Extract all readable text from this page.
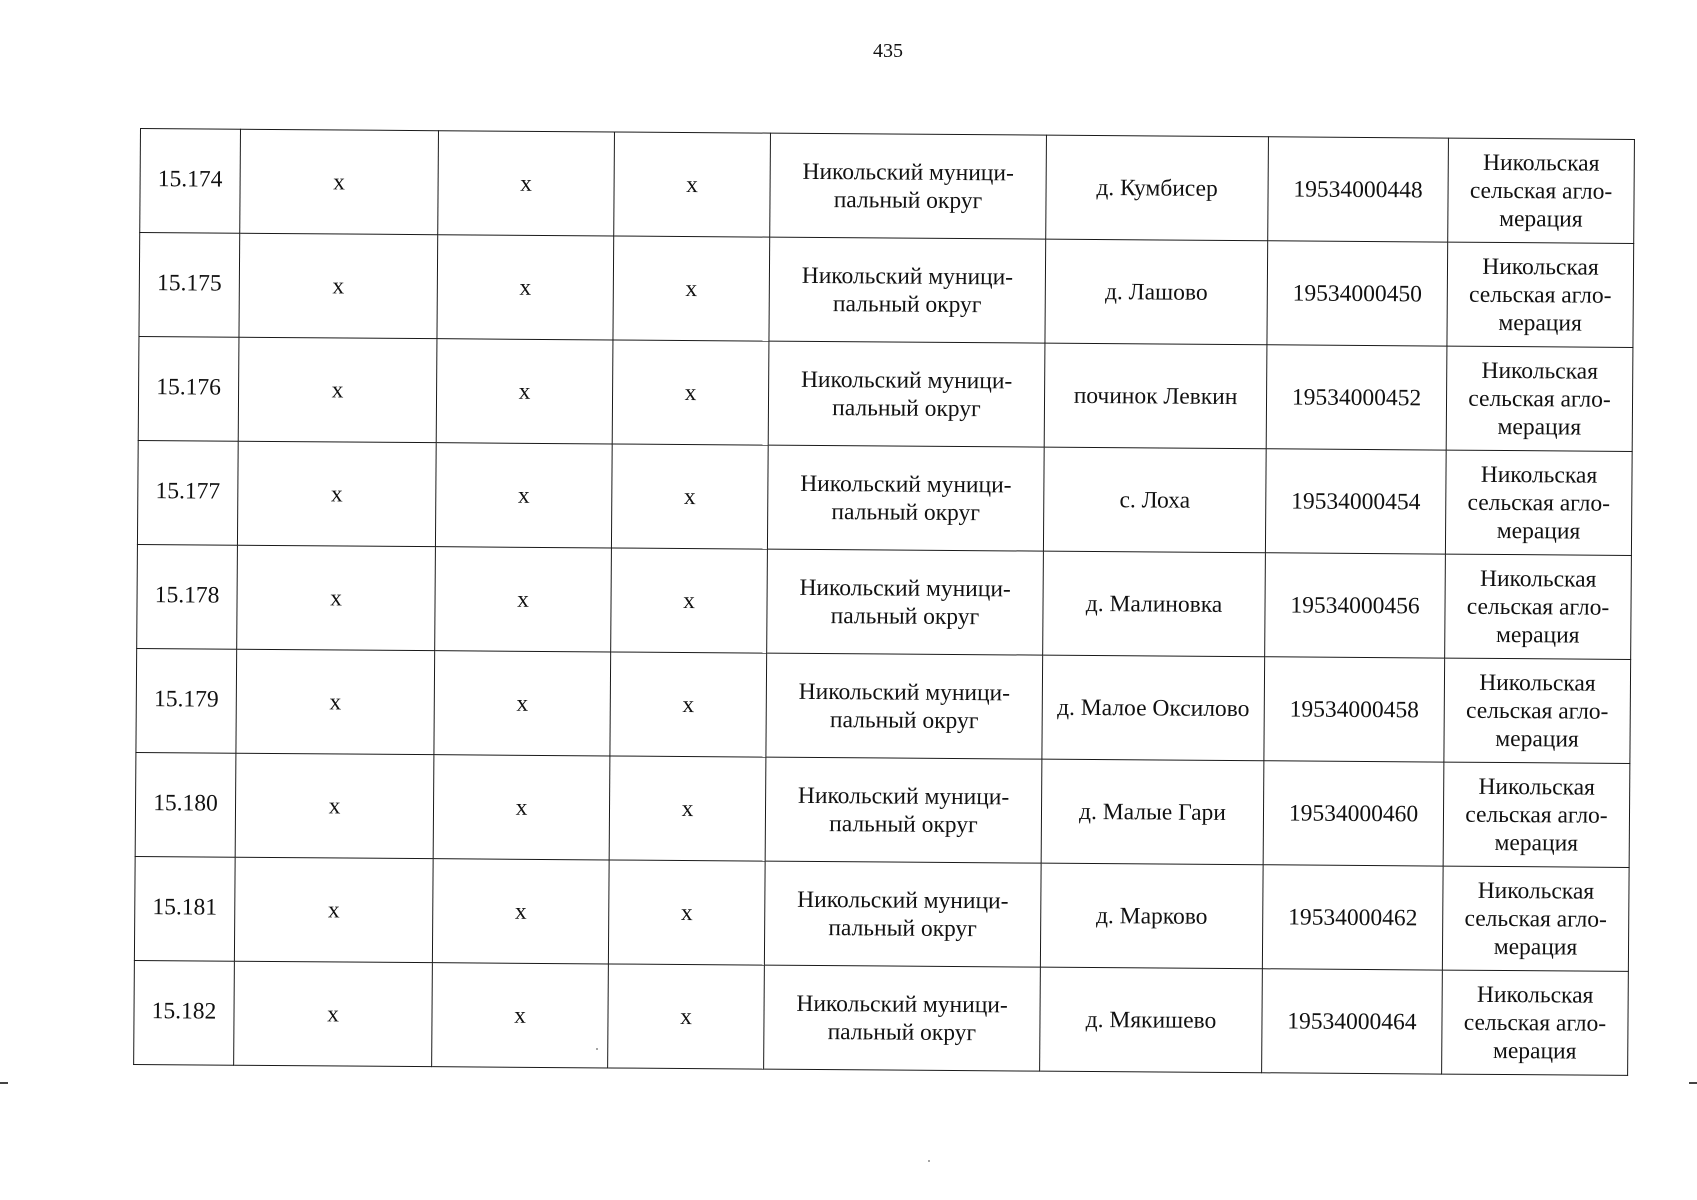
435
15.174	х	х	х	Никольский муници-
пальный округ	д. Кумбисер	19534000448	Никольская
сельская агло-
мерация
15.175	х	х	х	Никольский муници-
пальный округ	д. Лашово	19534000450	Никольская
сельская агло-
мерация
15.176	х	х	х	Никольский муници-
пальный округ	починок Левкин	19534000452	Никольская
сельская агло-
мерация
15.177	х	х	х	Никольский муници-
пальный округ	с. Лоха	19534000454	Никольская
сельская агло-
мерация
15.178	х	х	х	Никольский муници-
пальный округ	д. Малиновка	19534000456	Никольская
сельская агло-
мерация
15.179	х	х	х	Никольский муници-
пальный округ	д. Малое Оксилово	19534000458	Никольская
сельская агло-
мерация
15.180	х	х	х	Никольский муници-
пальный округ	д. Малые Гари	19534000460	Никольская
сельская агло-
мерация
15.181	х	х	х	Никольский муници-
пальный округ	д. Марково	19534000462	Никольская
сельская агло-
мерация
15.182	х	х	х	Никольский муници-
пальный округ	д. Мякишево	19534000464	Никольская
сельская агло-
мерация
